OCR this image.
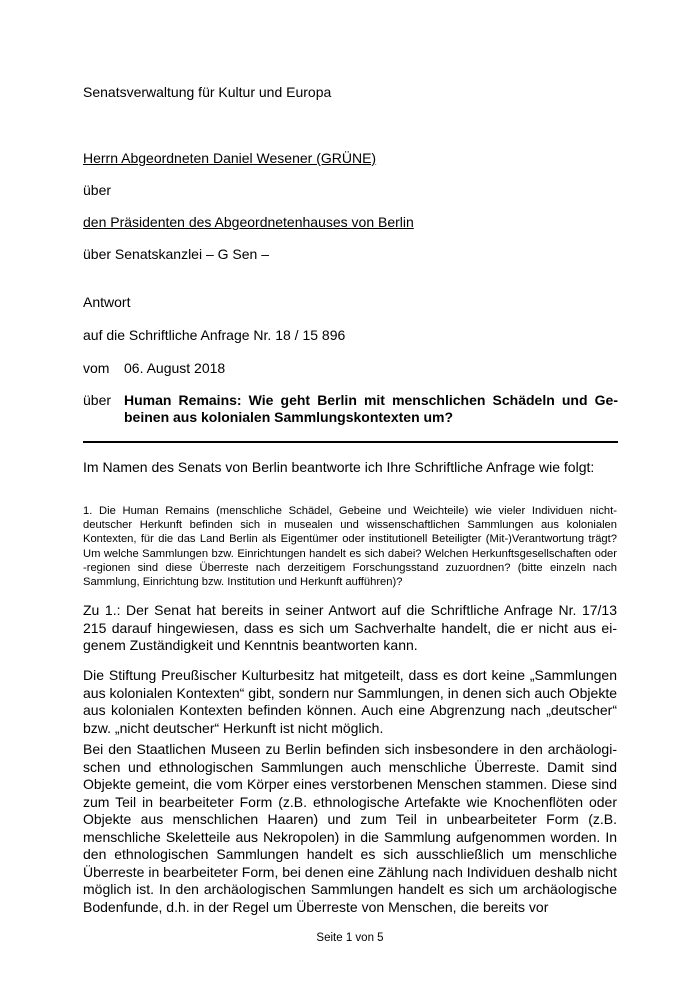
Senatsverwaltung für Kultur und Europa
Herrn Abgeordneten Daniel Wesener (GRÜNE)
über
den Präsidenten des Abgeordnetenhauses von Berlin
über Senatskanzlei – G Sen –
Antwort
auf die Schriftliche Anfrage Nr. 18 / 15 896
vom 06. August 2018
über Human Remains: Wie geht Berlin mit menschlichen Schädeln und Gebeinen aus kolonialen Sammlungskontexten um?
Im Namen des Senats von Berlin beantworte ich Ihre Schriftliche Anfrage wie folgt:
1. Die Human Remains (menschliche Schädel, Gebeine und Weichteile) wie vieler Individuen nichtdeutscher Herkunft befinden sich in musealen und wissenschaftlichen Sammlungen aus kolonialen Kontexten, für die das Land Berlin als Eigentümer oder institutionell Beteiligter (Mit-)Verantwortung trägt? Um welche Sammlungen bzw. Einrichtungen handelt es sich dabei? Welchen Herkunftsgesellschaften oder -regionen sind diese Überreste nach derzeitigem Forschungsstand zuzuordnen? (bitte einzeln nach Sammlung, Einrichtung bzw. Institution und Herkunft aufführen)?
Zu 1.: Der Senat hat bereits in seiner Antwort auf die Schriftliche Anfrage Nr. 17/13 215 darauf hingewiesen, dass es sich um Sachverhalte handelt, die er nicht aus eigenem Zuständigkeit und Kenntnis beantworten kann.
Die Stiftung Preußischer Kulturbesitz hat mitgeteilt, dass es dort keine „Sammlungen aus kolonialen Kontexten“ gibt, sondern nur Sammlungen, in denen sich auch Objekte aus kolonialen Kontexten befinden können. Auch eine Abgrenzung nach „deutscher“ bzw. „nicht deutscher“ Herkunft ist nicht möglich.
Bei den Staatlichen Museen zu Berlin befinden sich insbesondere in den archäologischen und ethnologischen Sammlungen auch menschliche Überreste. Damit sind Objekte gemeint, die vom Körper eines verstorbenen Menschen stammen. Diese sind zum Teil in bearbeiteter Form (z.B. ethnologische Artefakte wie Knochenflöten oder Objekte aus menschlichen Haaren) und zum Teil in unbearbeiteter Form (z.B. menschliche Skeletteile aus Nekropolen) in die Sammlung aufgenommen worden. In den ethnologischen Sammlungen handelt es sich ausschließlich um menschliche Überreste in bearbeiteter Form, bei denen eine Zählung nach Individuen deshalb nicht möglich ist. In den archäologischen Sammlungen handelt es sich um archäologische Bodenfunde, d.h. in der Regel um Überreste von Menschen, die bereits vor
Seite 1 von 5
